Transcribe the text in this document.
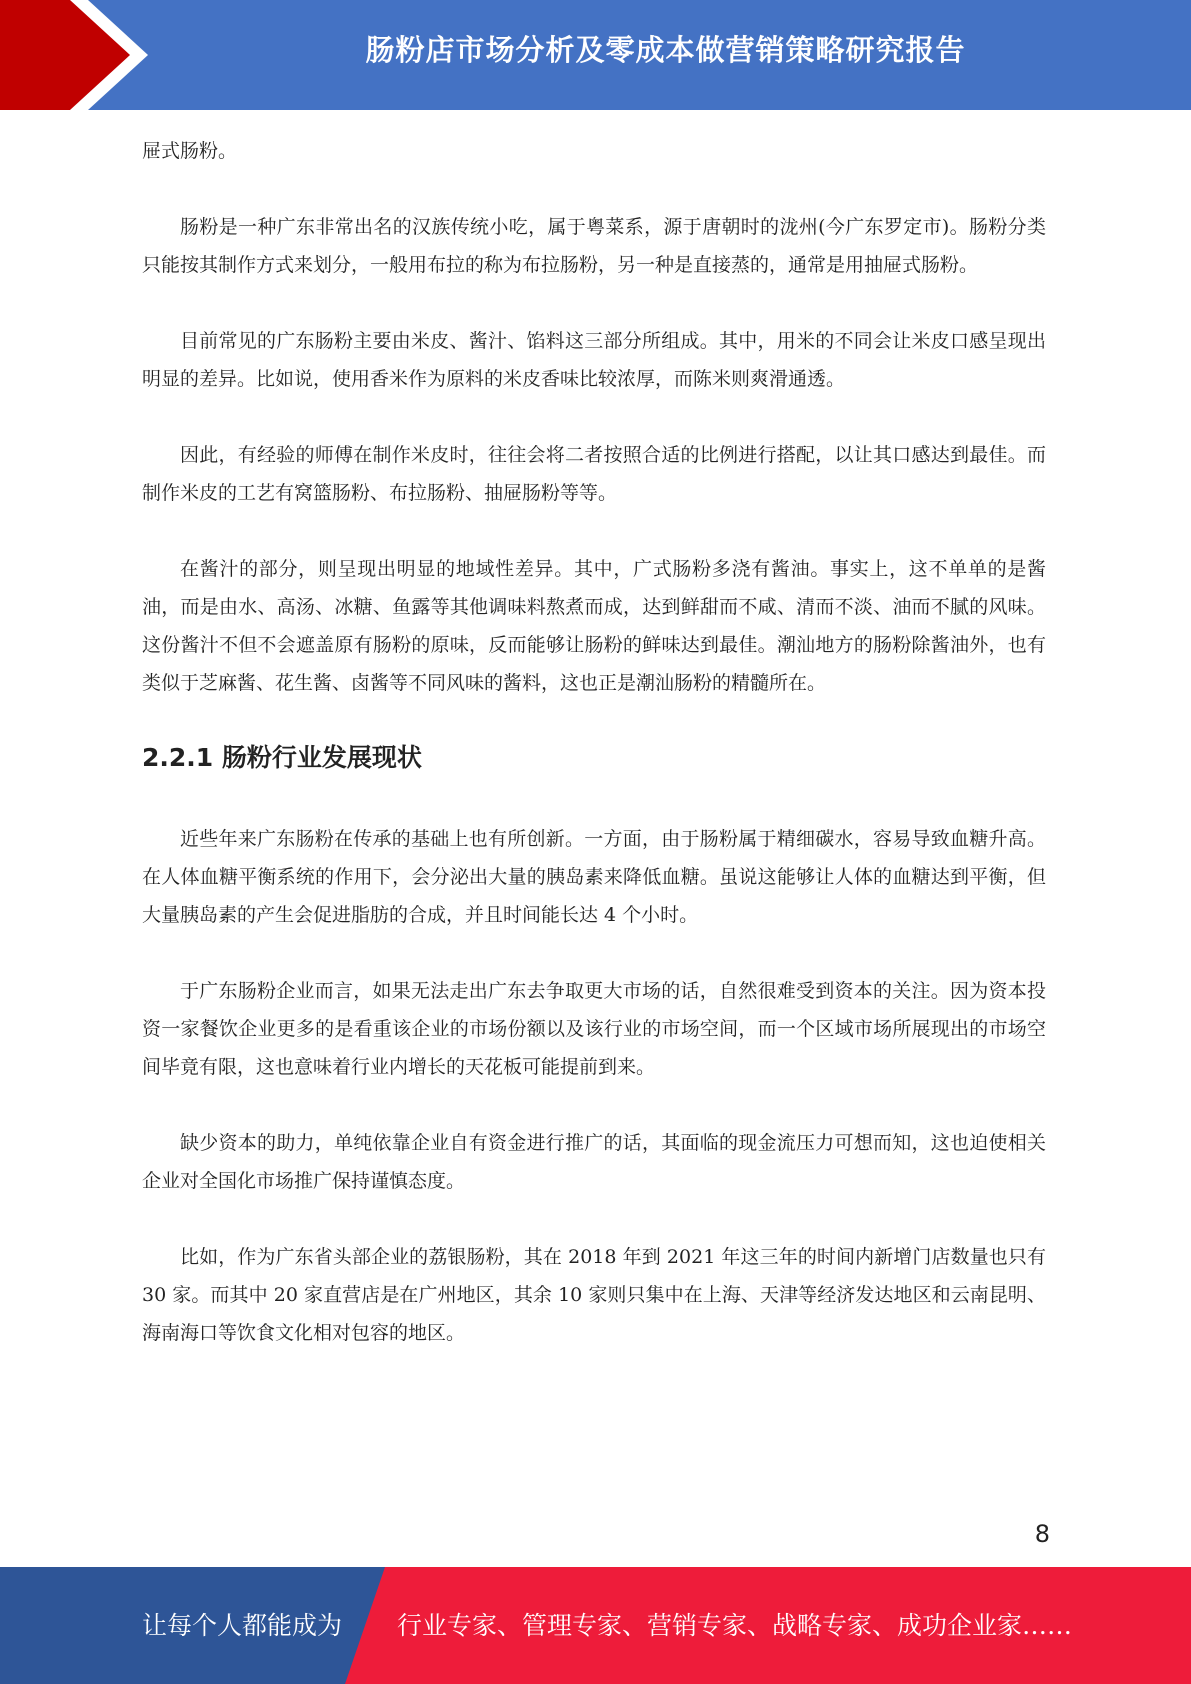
肠粉店市场分析及零成本做营销策略研究报告

屉式肠粉。

肠粉是一种广东非常出名的汉族传统小吃，属于粤菜系，源于唐朝时的泷州(今广东罗定市)。肠粉分类只能按其制作方式来划分，一般用布拉的称为布拉肠粉，另一种是直接蒸的，通常是用抽屉式肠粉。

目前常见的广东肠粉主要由米皮、酱汁、馅料这三部分所组成。其中，用米的不同会让米皮口感呈现出明显的差异。比如说，使用香米作为原料的米皮香味比较浓厚，而陈米则爽滑通透。

因此，有经验的师傅在制作米皮时，往往会将二者按照合适的比例进行搭配，以让其口感达到最佳。而制作米皮的工艺有窝篮肠粉、布拉肠粉、抽屉肠粉等等。

在酱汁的部分，则呈现出明显的地域性差异。其中，广式肠粉多浇有酱油。事实上，这不单单的是酱油，而是由水、高汤、冰糖、鱼露等其他调味料熬煮而成，达到鲜甜而不咸、清而不淡、油而不腻的风味。这份酱汁不但不会遮盖原有肠粉的原味，反而能够让肠粉的鲜味达到最佳。潮汕地方的肠粉除酱油外，也有类似于芝麻酱、花生酱、卤酱等不同风味的酱料，这也正是潮汕肠粉的精髓所在。

2.2.1 肠粉行业发展现状

近些年来广东肠粉在传承的基础上也有所创新。一方面，由于肠粉属于精细碳水，容易导致血糖升高。在人体血糖平衡系统的作用下，会分泌出大量的胰岛素来降低血糖。虽说这能够让人体的血糖达到平衡，但大量胰岛素的产生会促进脂肪的合成，并且时间能长达 4 个小时。

于广东肠粉企业而言，如果无法走出广东去争取更大市场的话，自然很难受到资本的关注。因为资本投资一家餐饮企业更多的是看重该企业的市场份额以及该行业的市场空间，而一个区域市场所展现出的市场空间毕竟有限，这也意味着行业内增长的天花板可能提前到来。

缺少资本的助力，单纯依靠企业自有资金进行推广的话，其面临的现金流压力可想而知，这也迫使相关企业对全国化市场推广保持谨慎态度。

比如，作为广东省头部企业的荔银肠粉，其在 2018 年到 2021 年这三年的时间内新增门店数量也只有 30 家。而其中 20 家直营店是在广州地区，其余 10 家则只集中在上海、天津等经济发达地区和云南昆明、海南海口等饮食文化相对包容的地区。

8
让每个人都能成为 行业专家、管理专家、营销专家、战略专家、成功企业家……
